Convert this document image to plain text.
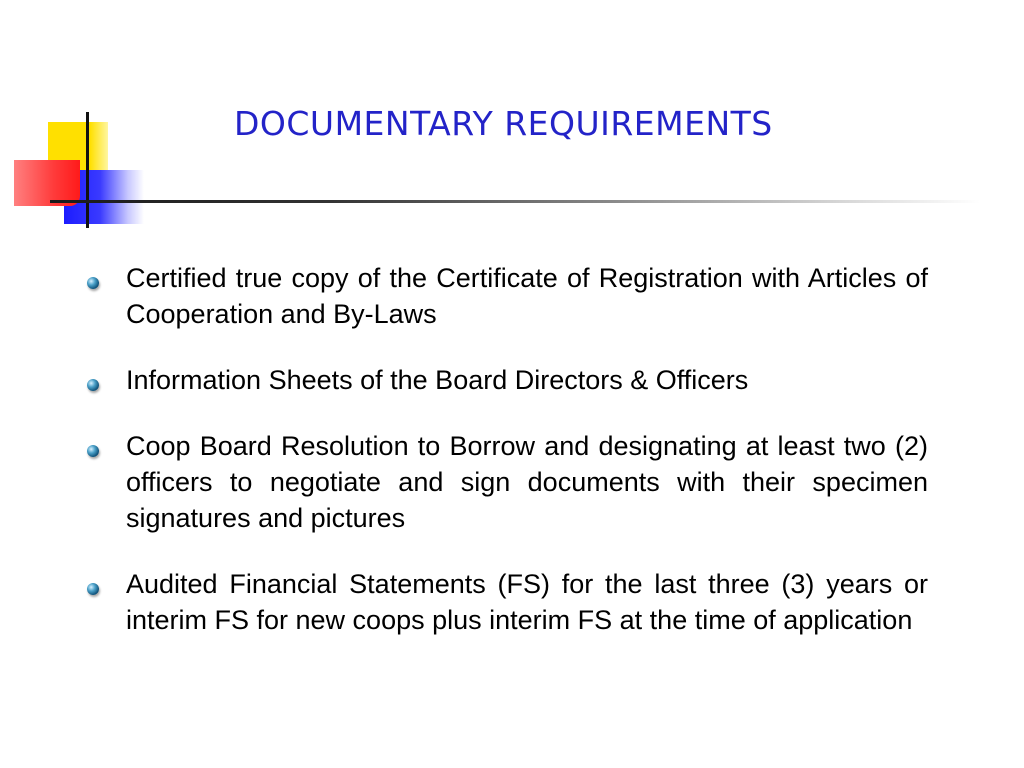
DOCUMENTARY REQUIREMENTS
Certified true copy of the Certificate of Registration with Articles of Cooperation and By-Laws
Information Sheets of the Board Directors & Officers
Coop Board Resolution to Borrow and designating at least two (2) officers to negotiate and sign documents with their specimen signatures and pictures
Audited Financial Statements (FS) for the last three (3) years or interim FS for new coops plus interim FS at the time of application
